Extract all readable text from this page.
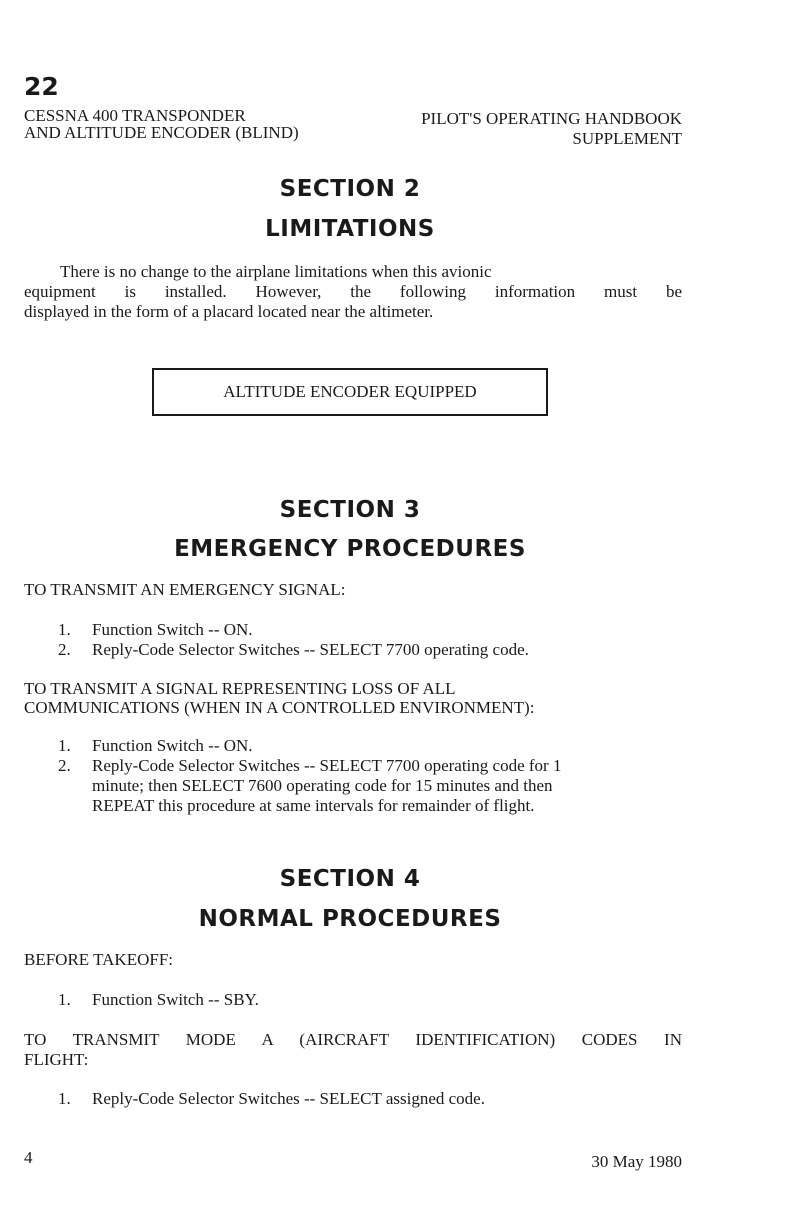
22
CESSNA 400 TRANSPONDER
AND ALTITUDE ENCODER (BLIND)
PILOT'S OPERATING HANDBOOK
SUPPLEMENT
SECTION 2
LIMITATIONS
There is no change to the airplane limitations when this avionic
equipment is installed. However, the following information must be
displayed in the form of a placard located near the altimeter.
ALTITUDE ENCODER EQUIPPED
SECTION 3
EMERGENCY PROCEDURES
TO TRANSMIT AN EMERGENCY SIGNAL:
1. Function Switch -- ON.
2. Reply-Code Selector Switches -- SELECT 7700 operating code.
TO TRANSMIT A SIGNAL REPRESENTING LOSS OF ALL
COMMUNICATIONS (WHEN IN A CONTROLLED ENVIRONMENT):
1. Function Switch -- ON.
2. Reply-Code Selector Switches -- SELECT 7700 operating code for 1
minute; then SELECT 7600 operating code for 15 minutes and then
REPEAT this procedure at same intervals for remainder of flight.
SECTION 4
NORMAL PROCEDURES
BEFORE TAKEOFF:
1. Function Switch -- SBY.
TO TRANSMIT MODE A (AIRCRAFT IDENTIFICATION) CODES IN
FLIGHT:
1. Reply-Code Selector Switches -- SELECT assigned code.
4	30 May 1980
